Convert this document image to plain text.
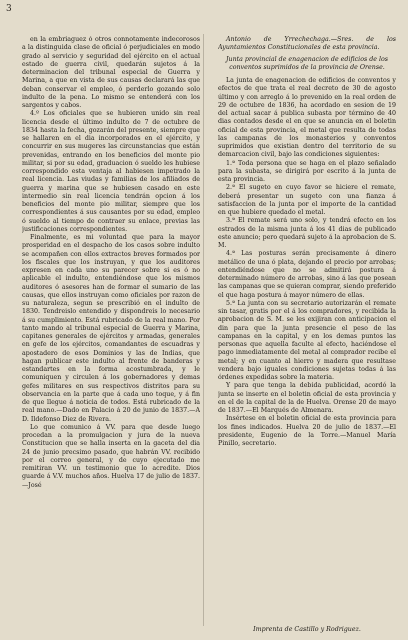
3

en la embriaguez ó otros connotamente indecorosos a la distinguida clase de oficial ó perjudiciales en modo grado al servicio y seguridad del ejército en el actual estado de guerra civil, quedarán sujetos á la determinacion del tribunal especial de Guerra y Marina, a que en vista de sus causas declarará las que deban conservar el empleo, ó perderlo gozando solo indulto de la pena. Lo mismo se entenderá con los sargentos y cabos.

4.º Los oficiales que se hubieren unido sin real licencia desde el último indulto de 7 de octubre de 1834 hasta la fecha, gozarán del presente, siempre que se hallaren en el dia incorporados en el ejército, y concurrir en sus mugeres las circunstancias que están prevenidas, entrando en los beneficios del monte pio militar, si por su edad, graduacion ó sueldo les hubiese correspondido esta ventaja al habiesen impetrado la real licencia. Las viudas y familias de los afiliados de guerra y marina que se hubiesen casado en este intermedio sin real licencia tendrán opcion á los beneficios del monte pio militar, siempre que los correspondientes á sus causantes por su edad, empleo ó sueldo al tiempo de contraer su enlace, previas las justificaciones correspondientes.

Finalmente, es mi voluntad que para la mayor prosperidad en el despacho de los casos sobre indulto se acompañen con ellos extractos breves formados por los fiscales que los instruyan, y que los auditores expresen en cada uno su parecer sobre si es ó no aplicable el indulto, entendiéndose que los mismos auditores ó asesores han de formar el sumario de las causas, que ellos instruyan como oficiales por razon de su naturaleza, segun se prescribió en el indulto de 1830. Tendreislo entendido y dispondreis lo necesario á su cumplimiento. Está rubricado de la real mano. Por tanto mando al tribunal especial de Guerra y Marina, capitanes generales de ejércitos y armadas, generales en gefe de los ejércitos, comandantes de escuadras y apostadero de esos Dominios y las de Indias, que hagan publicar este indulto al frente de banderas y estandartes en la forma acostumbrada, y le comuniquen y circulen á los gobernadores y demas gefes militares en sus respectivos distritos para su observancia en la parte que á cada uno toque, y á fin de que llegue á noticia de todos. Está rubricado de la real mano.—Dado en Palacio á 20 de junio de 1837.—A D. Ildefonso Diez de Rivera.

Lo que comunico á VV. para que desde luego procedan a la promulgacion y jura de la nueva Constitucion que se halla inserta en la gaceta del dia 24 de junio precsimo pasado, que habrán VV. recibido por el correo general, y de cuyo ejecutado me remitiran VV. un testimonio que lo acredite. Dios guarde á V.V. muchos años. Huelva 17 de julio de 1837.—José

Antonio de Yrrechechaga.—Sres. de los Ayuntamientos Constitucionales de esta provincia.

Junta provincial de enagenacion de edificios de los conventos suprimidos de la provincia de Orense.

La junta de enagenacion de edificios de conventos y efectos de que trata el real decreto de 30 de agosto último y con arreglo á lo prevenido en la real orden de 29 de octubre de 1836, ha acordado en sesion de 19 del actual sacar á publica subasta por término de 40 dias contados desde el en que se anuncia en el boletin oficial de esta provincia, el metal que resulta de todas las campanas de los monasterios y conventos suprimidos que existian dentro del territorio de su demarcacion civil, bajo las condiciones siguientes:

1.ª Toda persona que se haga en el plazo señalado para la subasta, se dirigirá por escrito á la junta de esta provincia.

2.ª El sugeto en cuyo favor se hiciere el remate, deberá presentar un sugeto con una fianza á satisfaccion de la junta por el importe de la cantidad en que hubiere quedado el metal.

3.ª El remate será uno solo, y tendrá efecto en los estrados de la misma junta á los 41 dias de publicado este anuncio; pero quedará sujeto á la aprobacion de S. M.

4.ª Las posturas serán precisamente á dinero metálico de una ó plata, dejando el precio por arrobas; entendiéndose que no se admitirá postura á determinado número de arrobas, sino á las que posean las campanas que se quieran comprar, siendo preferido el que haga postura á mayor número de ellas.

5.ª La junta con su secretario autorizarán el remate sin tasar, gratis por el á los compradores, y recibida la aprobacion de S. M. se les exijiran con anticipacion el din para que la junta presencie el peso de las campanas en la capital, y en los demas puntos las personas que aquella faculte al efecto, haciéndose el pago inmediatamente del metal al comprador recibe el metal; y en cuanto al hierro y madera que resultase vendera bajo iguales condiciones sujetas todas á las órdenes expedidas sobre la materia.

Y para que tenga la debida publicidad, acordó la junta se inserte en el boletin oficial de esta provincia y en el de la capital de la de Huelva. Orense 20 de mayo de 1837.—El Marqués de Almenara.

Insértese en el boletin oficial de esta provincia para los fines indicados. Huelva 20 de julio de 1837.—El presidente, Eugenio de la Torre.—Manuel María Pinillo, secretario.

Imprenta de Castillo y Rodriguez.
